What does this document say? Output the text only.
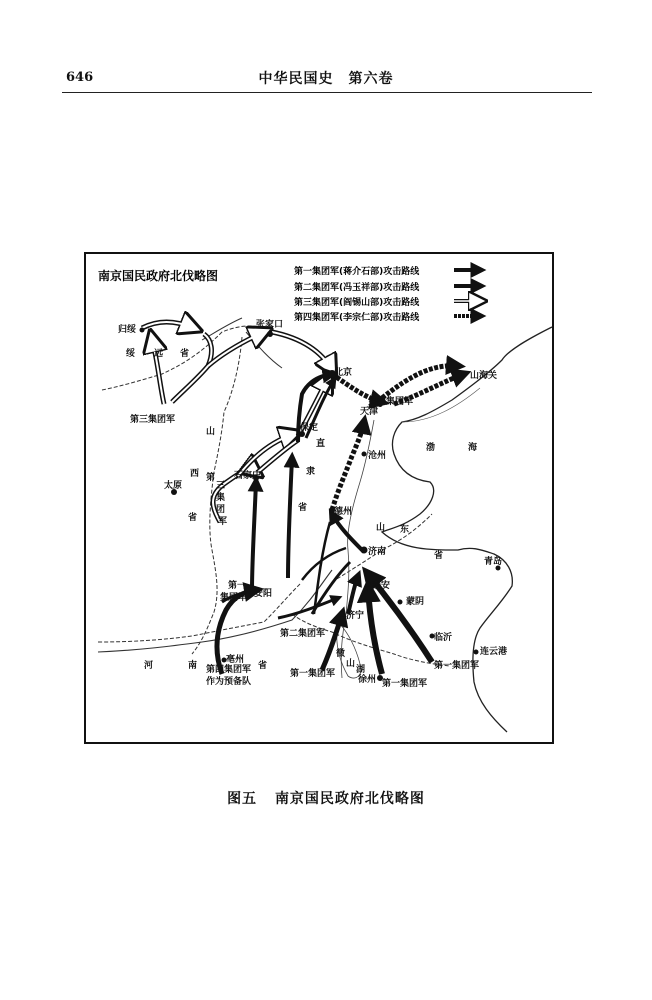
646	中华民国史　第六卷
南京国民政府北伐略图	第一集团军(蒋介石部)攻击路线
第二集团军(冯玉祥部)攻击路线
第三集团军(阎锡山部)攻击路线
第四集团军(李宗仁部)攻击路线
归绥	张家口
北京
天津
山海关
保定
石家庄
太原
沧州
德州
济南
泰安
济宁
蒙阴
临沂
青岛
连云港
安阳
徐州
亳州
绥 远 省
山
西
省
直
隶
省
山 东
省
河	南	省
渤	海
微
山
湖
第三集团军
第
三
集
团
军
第四集团军
第一
集团军
第二集团军
第四集团军
作为预备队
第一集团军
第一集团军
第一集团军
图五 南京国民政府北伐略图
